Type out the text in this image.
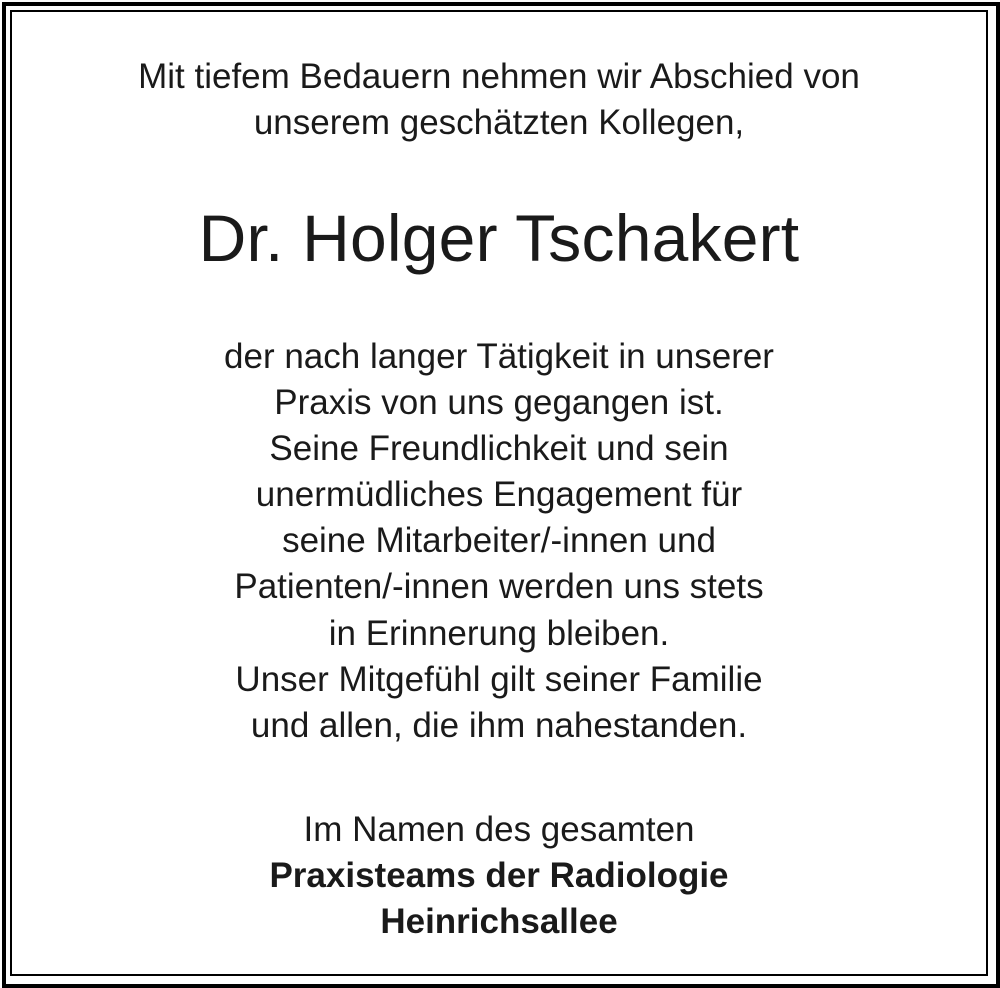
Mit tiefem Bedauern nehmen wir Abschied von
unserem geschätzten Kollegen,
Dr. Holger Tschakert
der nach langer Tätigkeit in unserer
Praxis von uns gegangen ist.
Seine Freundlichkeit und sein
unermüdliches Engagement für
seine Mitarbeiter/-innen und
Patienten/-innen werden uns stets
in Erinnerung bleiben.
Unser Mitgefühl gilt seiner Familie
und allen, die ihm nahestanden.
Im Namen des gesamten
Praxisteams der Radiologie
Heinrichsallee
